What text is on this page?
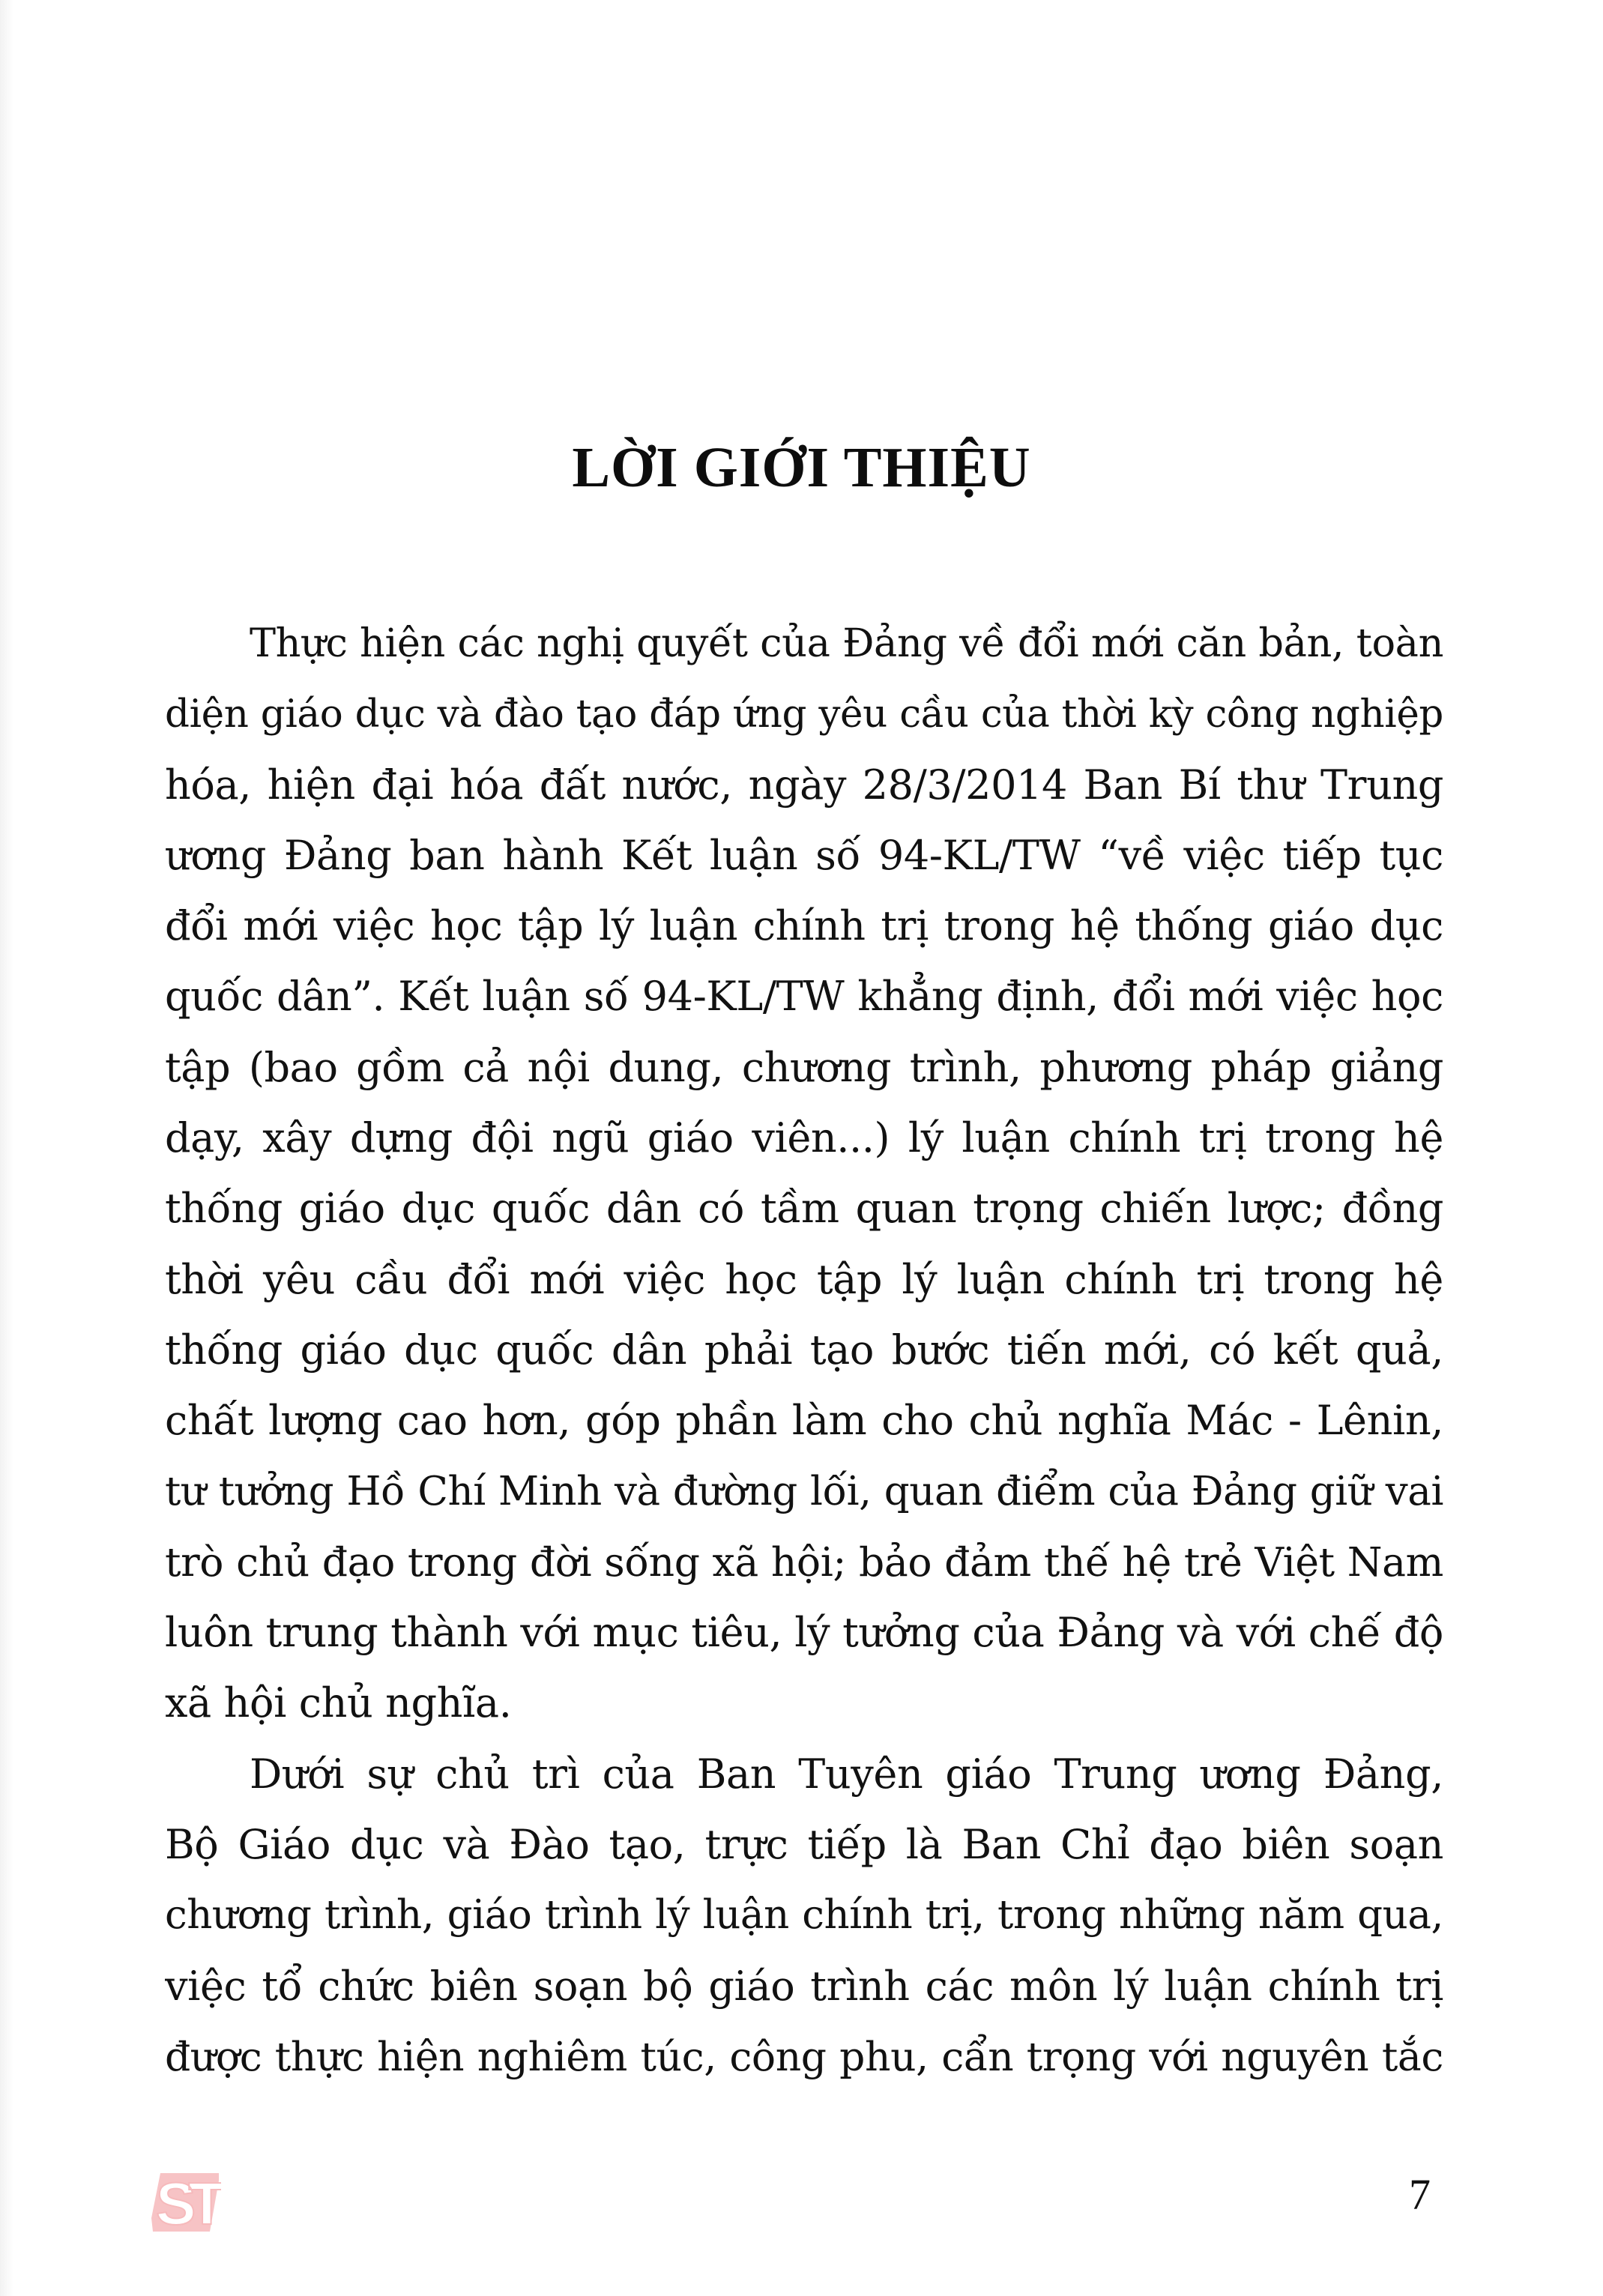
LỜI GIỚI THIỆU
Thực hiện các nghị quyết của Đảng về đổi mới căn bản, toàn
diện giáo dục và đào tạo đáp ứng yêu cầu của thời kỳ công nghiệp
hóa, hiện đại hóa đất nước, ngày 28/3/2014 Ban Bí thư Trung
ương Đảng ban hành Kết luận số 94-KL/TW “về việc tiếp tục
đổi mới việc học tập lý luận chính trị trong hệ thống giáo dục
quốc dân”. Kết luận số 94-KL/TW khẳng định, đổi mới việc học
tập (bao gồm cả nội dung, chương trình, phương pháp giảng
dạy, xây dựng đội ngũ giáo viên...) lý luận chính trị trong hệ
thống giáo dục quốc dân có tầm quan trọng chiến lược; đồng
thời yêu cầu đổi mới việc học tập lý luận chính trị trong hệ
thống giáo dục quốc dân phải tạo bước tiến mới, có kết quả,
chất lượng cao hơn, góp phần làm cho chủ nghĩa Mác - Lênin,
tư tưởng Hồ Chí Minh và đường lối, quan điểm của Đảng giữ vai
trò chủ đạo trong đời sống xã hội; bảo đảm thế hệ trẻ Việt Nam
luôn trung thành với mục tiêu, lý tưởng của Đảng và với chế độ
xã hội chủ nghĩa.
Dưới sự chủ trì của Ban Tuyên giáo Trung ương Đảng,
Bộ Giáo dục và Đào tạo, trực tiếp là Ban Chỉ đạo biên soạn
chương trình, giáo trình lý luận chính trị, trong những năm qua,
việc tổ chức biên soạn bộ giáo trình các môn lý luận chính trị
được thực hiện nghiêm túc, công phu, cẩn trọng với nguyên tắc
ST	7
